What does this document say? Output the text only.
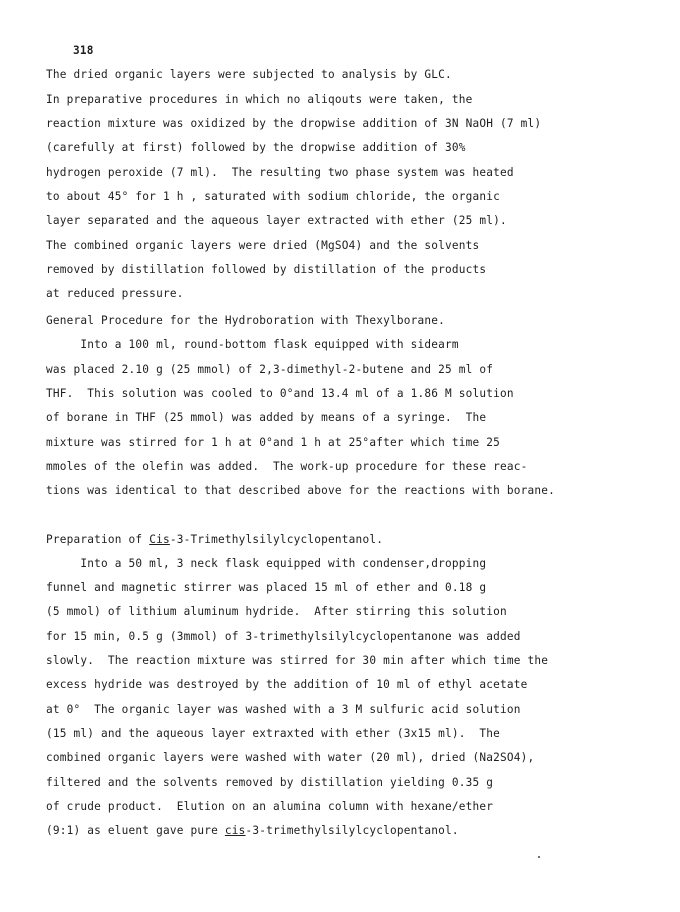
318
The dried organic layers were subjected to analysis by GLC.
In preparative procedures in which no aliqouts were taken, the
reaction mixture was oxidized by the dropwise addition of 3N NaOH (7 ml)
(carefully at first) followed by the dropwise addition of 30%
hydrogen peroxide (7 ml).  The resulting two phase system was heated
to about 45° for 1 h , saturated with sodium chloride, the organic
layer separated and the aqueous layer extracted with ether (25 ml).
The combined organic layers were dried (MgSO4) and the solvents
removed by distillation followed by distillation of the products
at reduced pressure.
General Procedure for the Hydroboration with Thexylborane.
Into a 100 ml, round-bottom flask equipped with sidearm
was placed 2.10 g (25 mmol) of 2,3-dimethyl-2-butene and 25 ml of
THF.  This solution was cooled to 0°and 13.4 ml of a 1.86 M solution
of borane in THF (25 mmol) was added by means of a syringe.  The
mixture was stirred for 1 h at 0°and 1 h at 25°after which time 25
mmoles of the olefin was added.  The work-up procedure for these reac-
tions was identical to that described above for the reactions with borane.
Preparation of Cis-3-Trimethylsilylcyclopentanol.
Into a 50 ml, 3 neck flask equipped with condenser,dropping
funnel and magnetic stirrer was placed 15 ml of ether and 0.18 g
(5 mmol) of lithium aluminum hydride.  After stirring this solution
for 15 min, 0.5 g (3mmol) of 3-trimethylsilylcyclopentanone was added
slowly.  The reaction mixture was stirred for 30 min after which time the
excess hydride was destroyed by the addition of 10 ml of ethyl acetate
at 0°  The organic layer was washed with a 3 M sulfuric acid solution
(15 ml) and the aqueous layer extraxted with ether (3x15 ml).  The
combined organic layers were washed with water (20 ml), dried (Na2SO4),
filtered and the solvents removed by distillation yielding 0.35 g
of crude product.  Elution on an alumina column with hexane/ether
(9:1) as eluent gave pure cis-3-trimethylsilylcyclopentanol.
